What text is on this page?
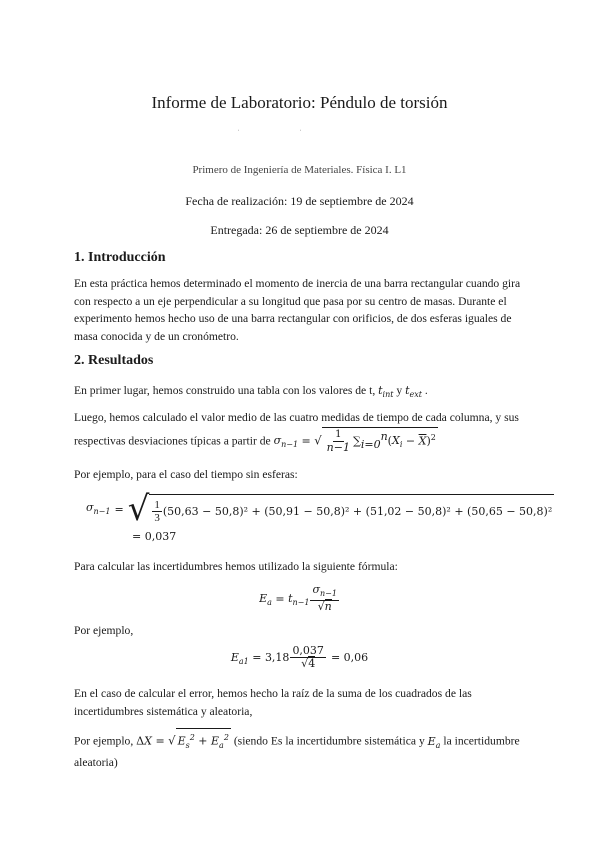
Informe de Laboratorio: Péndulo de torsión
··
Primero de Ingeniería de Materiales. Física I. L1
Fecha de realización: 19 de septiembre de 2024
Entregada: 26 de septiembre de 2024
1. Introducción
En esta práctica hemos determinado el momento de inercia de una barra rectangular cuando gira con respecto a un eje perpendicular a su longitud que pasa por su centro de masas. Durante el experimento hemos hecho uso de una barra rectangular con orificios, de dos esferas iguales de masa conocida y de un cronómetro.
2. Resultados
En primer lugar, hemos construido una tabla con los valores de t, $t_{int}$ y $t_{ext}$ .
Luego, hemos calculado el valor medio de las cuatro medidas de tiempo de cada columna, y sus respectivas desviaciones típicas a partir de $\sigma_{n-1}$ = √ $\frac{1}{n-1} \sum_{i=0}^n(X_i - \overline{X})^2$
Por ejemplo, para el caso del tiempo sin esferas:
$\sigma_{n-1}$ = √ $\frac{1}{3} (50,63 - 50,8)^2 + (50,91 - 50,8)^2 + (51,02 - 50,8)^2 + (50,65 - 50,8)^2$
= 0,037
Para calcular las incertidumbres hemos utilizado la siguiente fórmula:
$E_a = t_{n-1} \frac{\sigma_{n-1}}{√n}$
Por ejemplo,
$E_{a1} = 3,18 \frac{0,037}{√4} = 0,06$
En el caso de calcular el error, hemos hecho la raíz de la suma de los cuadrados de las incertidumbres sistemática y aleatoria,
Por ejemplo, ΔX = √ $E_s^2 + E_a^2$ (siendo Es la incertidumbre sistemática y $E_a$ la incertidumbre aleatoria)
